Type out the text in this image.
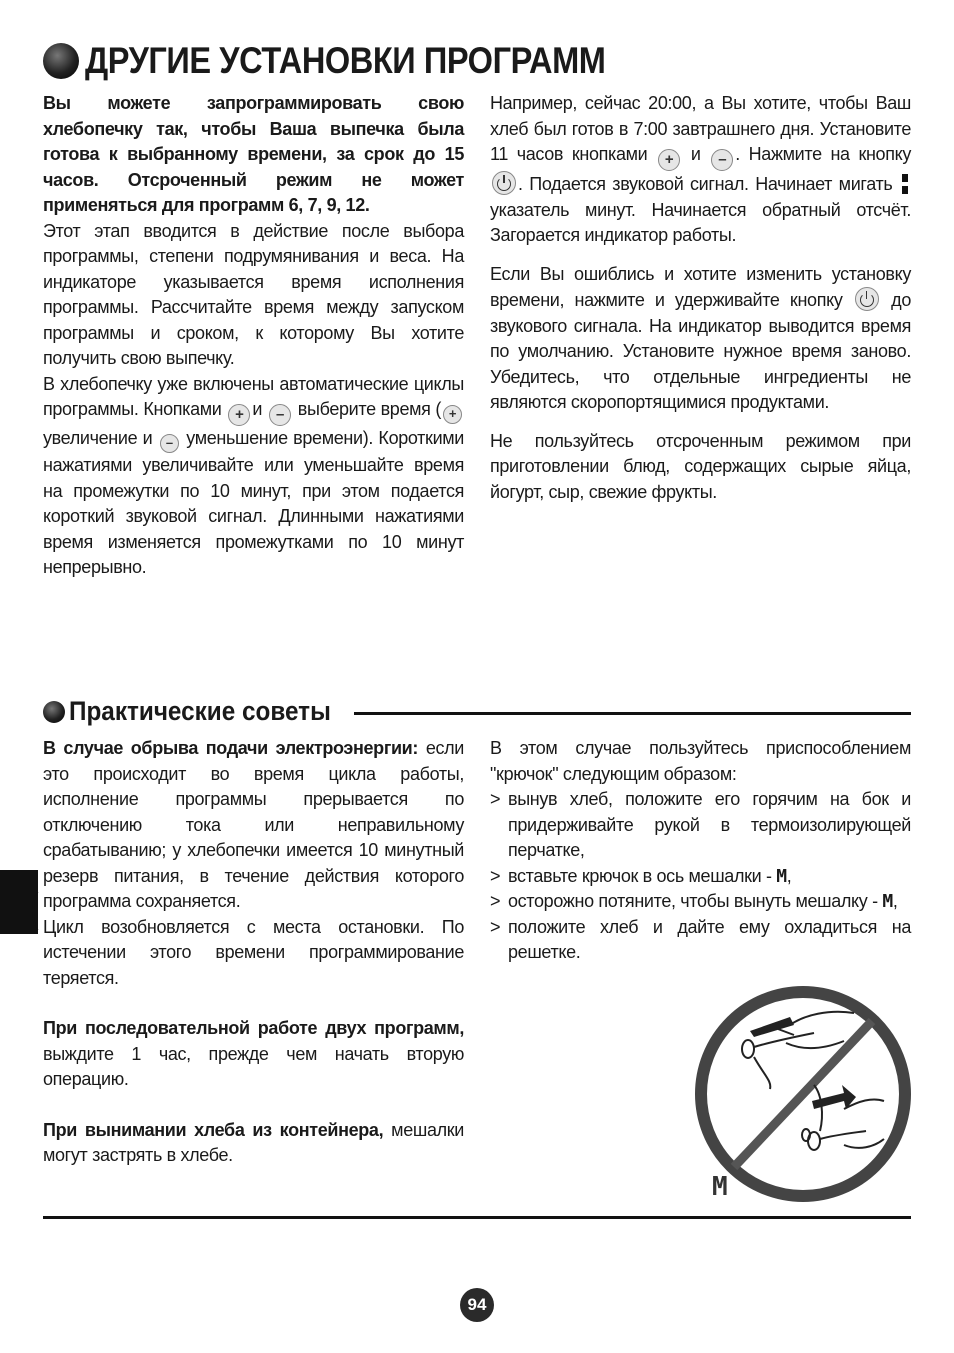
ДРУГИЕ УСТАНОВКИ ПРОГРАММ

Вы можете запрограммировать свою хлебопечку так, чтобы Ваша выпечка была готова к выбранному времени, за срок до 15 часов. Отсроченный режим не может применяться для программ 6, 7, 9, 12.

Этот этап вводится в действие после выбора программы, степени подрумянивания и веса. На индикаторе указывается время исполнения программы. Рассчитайте время между запуском программы и сроком, к которому Вы хотите получить свою выпечку.

В хлебопечку уже включены автоматические циклы программы. Кнопками + и – выберите время ( + увеличение и – уменьшение времени). Короткими нажатиями увеличивайте или уменьшайте время на промежутки по 10 минут, при этом подается короткий звуковой сигнал. Длинными нажатиями время изменяется промежутками по 10 минут непрерывно.

Например, сейчас 20:00, а Вы хотите, чтобы Ваш хлеб был готов в 7:00 завтрашнего дня. Установите 11 часов кнопками + и – . Нажмите на кнопку . Подается звуковой сигнал. Начинает мигать  указатель минут. Начинается обратный отсчёт. Загорается индикатор работы.

Если Вы ошиблись и хотите изменить установку времени, нажмите и удерживайте кнопку	до звукового сигнала. На индикатор выводится время по умолчанию. Установите нужное время заново. Убедитесь, что отдельные ингредиенты не являются скоропортящимися продуктами.

Не пользуйтесь отсроченным режимом при приготовлении блюд, содержащих сырые яйца, йогурт, сыр, свежие фрукты.

Практические советы

В случае обрыва подачи электроэнергии: если это происходит во время цикла работы, исполнение программы прерывается по отключению тока или неправильному срабатыванию; у хлебопечки имеется 10 минутный резерв питания, в течение действия которого программа сохраняется.

Цикл возобновляется с места остановки. По истечении этого времени программирование теряется.

При последовательной работе двух программ, выждите 1 час, прежде чем начать вторую операцию.

При вынимании хлеба из контейнера, мешалки могут застрять в хлебе.

В этом случае пользуйтесь приспособлением "крючок" следующим образом:

> вынув хлеб, положите его горячим на бок и придерживайте рукой в термоизолирующей перчатке,
> вставьте крючок в ось мешалки - M,
> осторожно потяните, чтобы вынуть мешалку - M,
> положите хлеб и дайте ему охладиться на решетке.
M
94
